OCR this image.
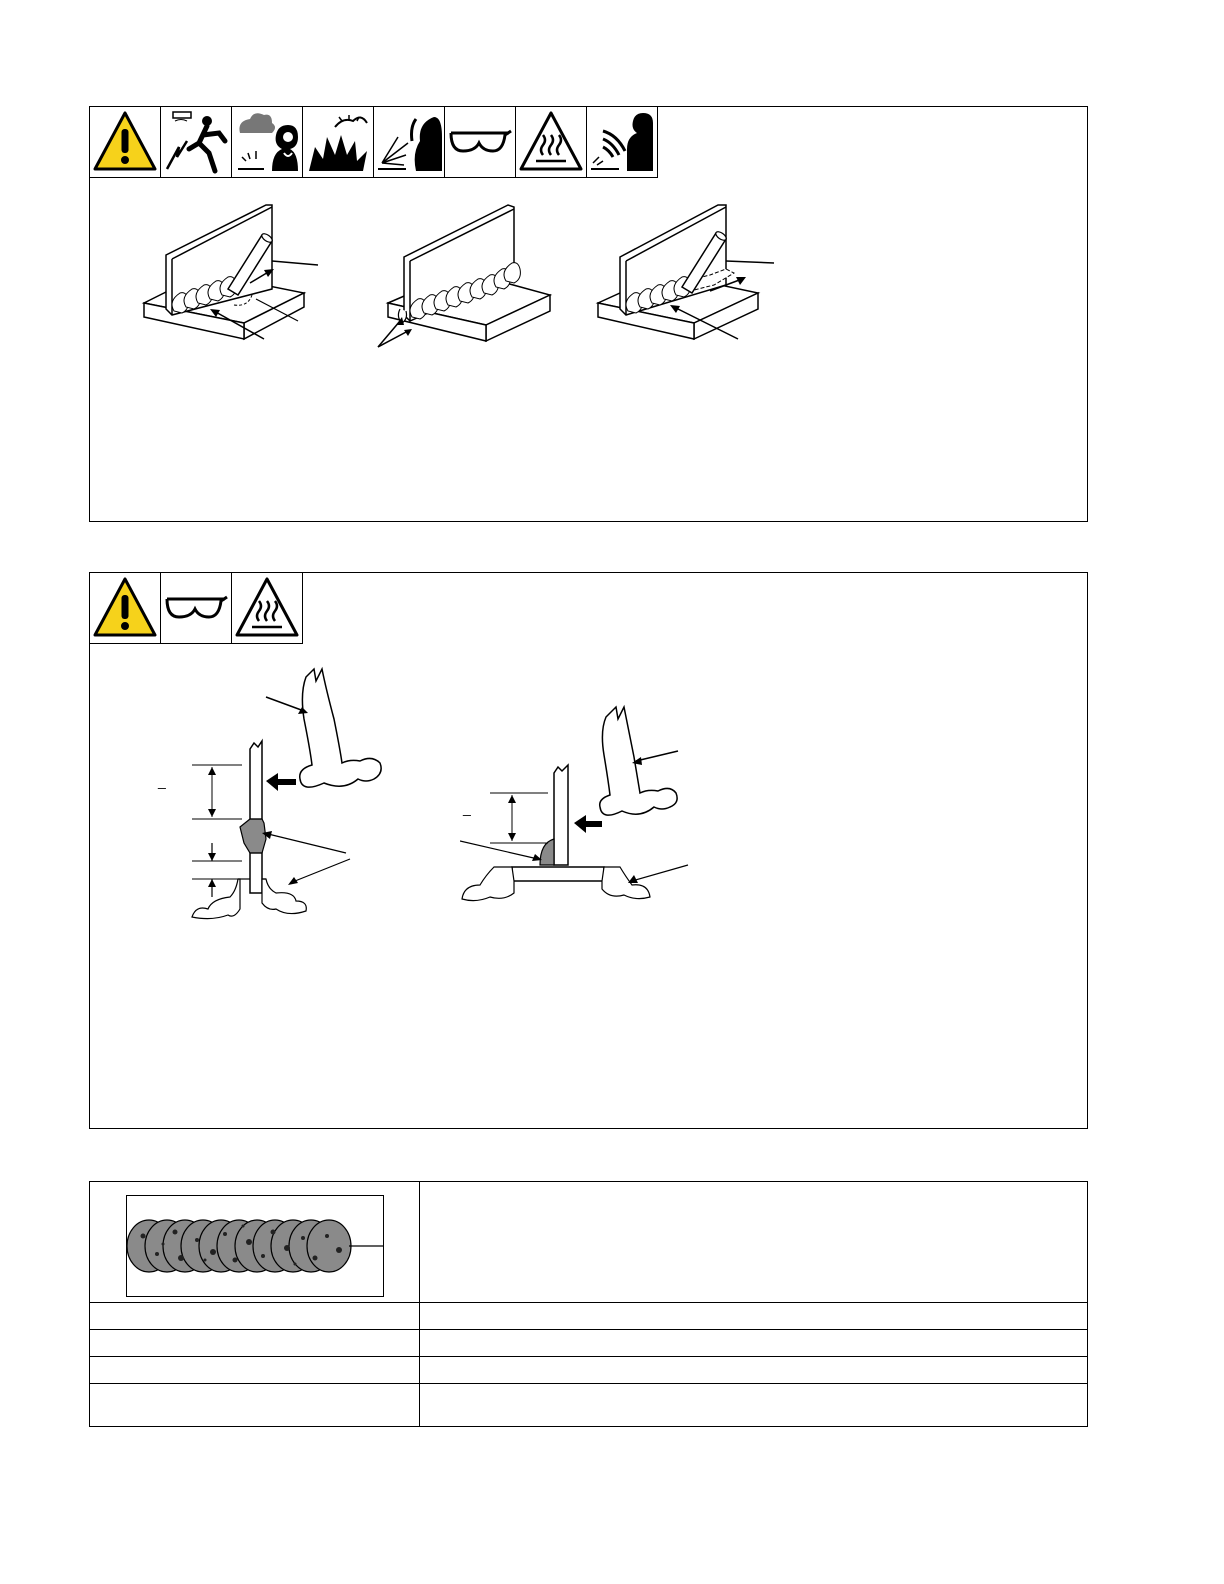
_
_
